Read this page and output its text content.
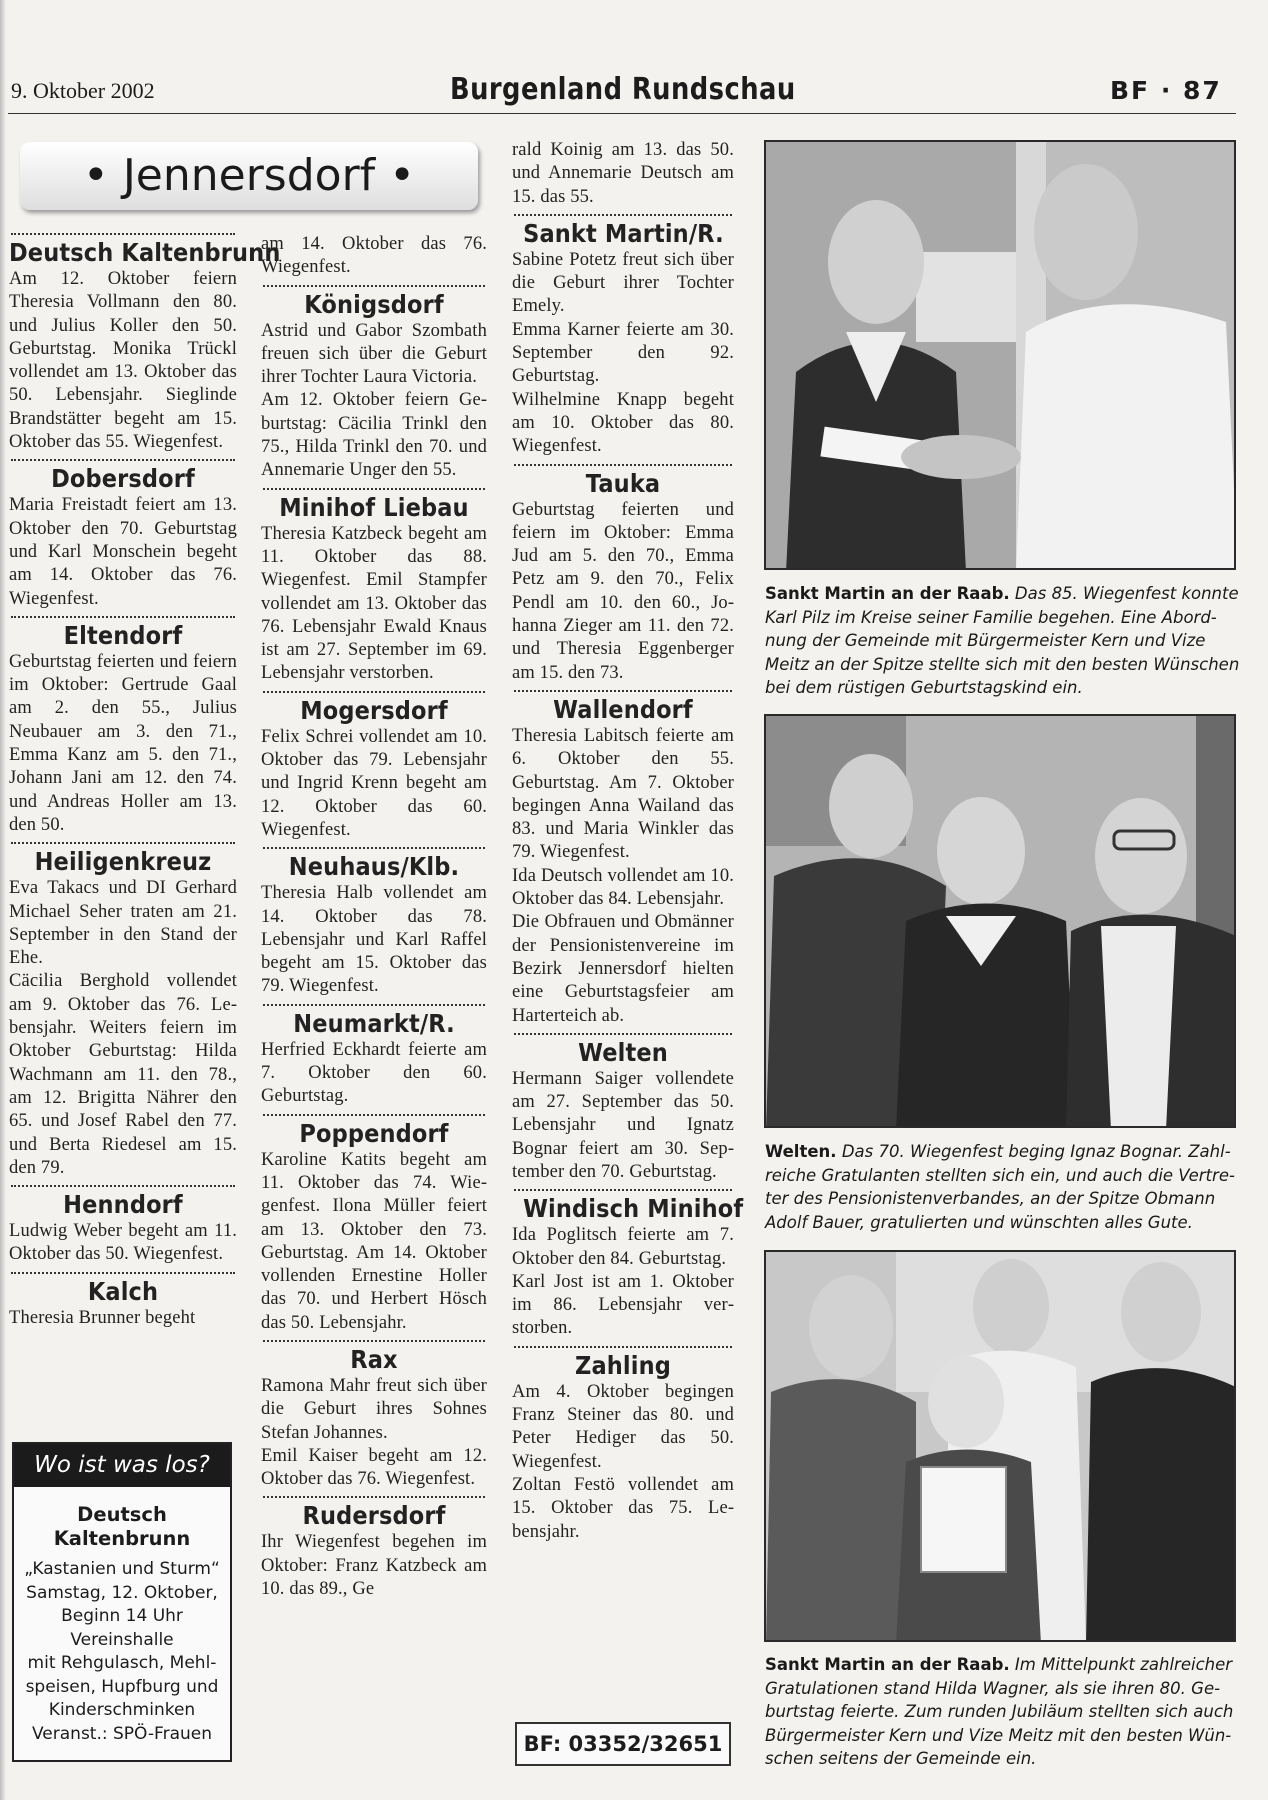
9. Oktober 2002	Burgenland Rundschau	BF · 87
• Jennersdorf •
Deutsch Kaltenbrunn

Am 12. Oktober feiern Theresia Vollmann den 80. und Julius Koller den 50. Geburtstag. Monika Trückl vollendet am 13. Oktober das 50. Lebensjahr. Sieglinde Brandstätter begeht am 15. Oktober das 55. Wiegenfest.

Dobersdorf

Maria Freistadt feiert am 13. Oktober den 70. Geburtstag und Karl Monschein begeht am 14. Oktober das 76. Wiegenfest.

Eltendorf

Geburtstag feierten und feiern im Oktober: Gertrude Gaal am 2. den 55., Julius Neubauer am 3. den 71., Emma Kanz am 5. den 71., Johann Jani am 12. den 74. und Andreas Holler am 13. den 50.

Heiligenkreuz

Eva Takacs und DI Gerhard Michael Seher traten am 21. September in den Stand der Ehe.

Cäcilia Berghold vollendet am 9. Oktober das 76. Lebensjahr. Weiters feiern im Oktober Geburtstag: Hilda Wachmann am 11. den 78., am 12. Brigitta Nährer den 65. und Josef Rabel den 77. und Berta Riedesel am 15. den 79.

Henndorf

Ludwig Weber begeht am 11. Oktober das 50. Wiegenfest.

Kalch

Theresia Brunner begeht

Wo ist was los?
Deutsch Kaltenbrunn
„Kastanien und Sturm“
Samstag, 12. Oktober,
Beginn 14 Uhr
Vereinshalle
mit Rehgulasch, Mehlspeisen, Hupfburg und Kinderschminken
Veranst.: SPÖ-Frauen

am 14. Oktober das 76. Wiegenfest.

Königsdorf

Astrid und Gabor Szombath freuen sich über die Geburt ihrer Tochter Laura Victoria.

Am 12. Oktober feiern Geburtstag: Cäcilia Trinkl den 75., Hilda Trinkl den 70. und Annemarie Unger den 55.

Minihof Liebau

Theresia Katzbeck begeht am 11. Oktober das 88. Wiegenfest. Emil Stampfer vollendet am 13. Oktober das 76. Lebensjahr Ewald Knaus ist am 27. September im 69. Lebensjahr verstorben.

Mogersdorf

Felix Schrei vollendet am 10. Oktober das 79. Lebensjahr und Ingrid Krenn begeht am 12. Oktober das 60. Wiegenfest.

Neuhaus/Klb.

Theresia Halb vollendet am 14. Oktober das 78. Lebensjahr und Karl Raffel begeht am 15. Oktober das 79. Wiegenfest.

Neumarkt/R.

Herfried Eckhardt feierte am 7. Oktober den 60. Geburtstag.

Poppendorf

Karoline Katits begeht am 11. Oktober das 74. Wiegenfest. Ilona Müller feiert am 13. Oktober den 73. Geburtstag. Am 14. Oktober vollenden Ernestine Holler das 70. und Herbert Hösch das 50. Lebensjahr.

Rax

Ramona Mahr freut sich über die Geburt ihres Sohnes Stefan Johannes.

Emil Kaiser begeht am 12. Oktober das 76. Wiegenfest.

Rudersdorf

Ihr Wiegenfest begehen im Oktober: Franz Katzbeck am 10. das 89., Ge

rald Koinig am 13. das 50. und Annemarie Deutsch am 15. das 55.

Sankt Martin/R.

Sabine Potetz freut sich über die Geburt ihrer Tochter Emely.

Emma Karner feierte am 30. September den 92. Geburtstag.

Wilhelmine Knapp begeht am 10. Oktober das 80. Wiegenfest.

Tauka

Geburtstag feierten und feiern im Oktober: Emma Jud am 5. den 70., Emma Petz am 9. den 70., Felix Pendl am 10. den 60., Johanna Zieger am 11. den 72. und Theresia Eggenberger am 15. den 73.

Wallendorf

Theresia Labitsch feierte am 6. Oktober den 55. Geburtstag. Am 7. Oktober begingen Anna Wailand das 83. und Maria Winkler das 79. Wiegenfest.

Ida Deutsch vollendet am 10. Oktober das 84. Lebensjahr.

Die Obfrauen und Obmänner der Pensionistenvereine im Bezirk Jennersdorf hielten eine Geburtstagsfeier am Harterteich ab.

Welten

Hermann Saiger vollendete am 27. September das 50. Lebensjahr und Ignatz Bognar feiert am 30. September den 70. Geburtstag.

Windisch Minihof

Ida Poglitsch feierte am 7. Oktober den 84. Geburtstag.

Karl Jost ist am 1. Oktober im 86. Lebensjahr verstorben.

Zahling

Am 4. Oktober begingen Franz Steiner das 80. und Peter Hediger das 50. Wiegenfest.

Zoltan Festö vollendet am 15. Oktober das 75. Lebensjahr.

BF: 03352/32651
Sankt Martin an der Raab. Das 85. Wiegenfest konnte Karl Pilz im Kreise seiner Familie begehen. Eine Abordnung der Gemeinde mit Bürgermeister Kern und Vize Meitz an der Spitze stellte sich mit den besten Wünschen bei dem rüstigen Geburtstagskind ein.
Welten. Das 70. Wiegenfest beging Ignaz Bognar. Zahlreiche Gratulanten stellten sich ein, und auch die Vertreter des Pensionistenverbandes, an der Spitze Obmann Adolf Bauer, gratulierten und wünschten alles Gute.
Sankt Martin an der Raab. Im Mittelpunkt zahlreicher Gratulationen stand Hilda Wagner, als sie ihren 80. Geburtstag feierte. Zum runden Jubiläum stellten sich auch Bürgermeister Kern und Vize Meitz mit den besten Wünschen seitens der Gemeinde ein.
